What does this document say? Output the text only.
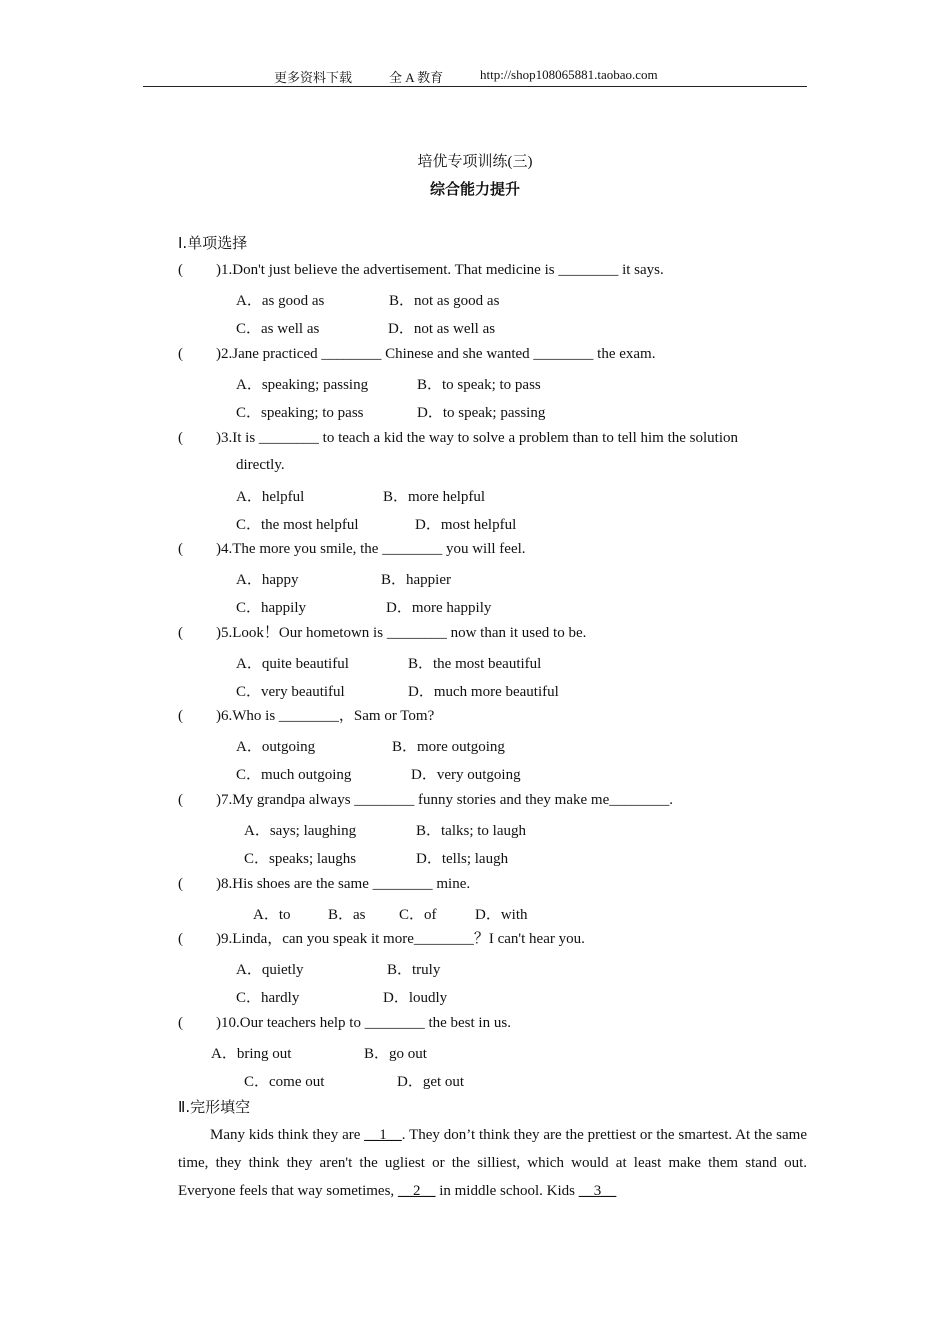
更多资料下载	全 A 教育	http://shop108065881.taobao.com
培优专项训练(三)
综合能力提升
Ⅰ.单项选择
( )1.Don't just believe the advertisement. That medicine is ________ it says.
A．as good as	B．not as good as
C．as well as	D．not as well as
( )2.Jane practiced ________ Chinese and she wanted ________ the exam.
A．speaking; passing	B．to speak; to pass
C．speaking; to pass	D．to speak; passing
( )3.It is ________ to teach a kid the way to solve a problem than to tell him the solution
directly.
A．helpful	B．more helpful
C．the most helpful	D．most helpful
( )4.The more you smile, the ________ you will feel.
A．happy	B．happier
C．happily	D．more happily
( )5.Look！Our hometown is ________ now than it used to be.
A．quite beautiful	B．the most beautiful
C．very beautiful	D．much more beautiful
( )6.Who is ________，Sam or Tom?
A．outgoing	B．more outgoing
C．much outgoing	D．very outgoing
( )7.My grandpa always ________ funny stories and they make me________.
A．says; laughing	B．talks; to laugh
C．speaks; laughs	D．tells; laugh
( )8.His shoes are the same ________ mine.
A．to B．as C．of	D．with
( )9.Linda，can you speak it more________？I can't hear you.
A．quietly	B．truly
C．hardly	D．loudly
( )10.Our teachers help to ________ the best in us.
A．bring out	B．go out
C．come out	D．get out
Ⅱ.完形填空
Many kids think they are __1__. They don’t think they are the prettiest or the smartest. At the same time, they think they aren't the ugliest or the silliest, which would at least make them stand out. Everyone feels that way sometimes, __2__ in middle school. Kids __3__
